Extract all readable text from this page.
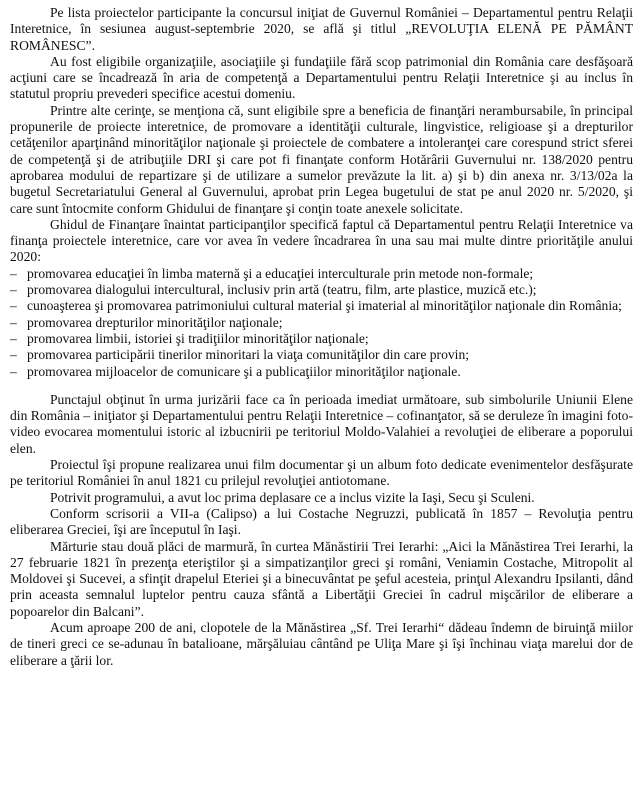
Pe lista proiectelor participante la concursul iniţiat de Guvernul României – Departamentul pentru Relaţii Interetnice, în sesiunea august-septembrie 2020, se află şi titlul „REVOLUŢIA ELENĂ PE PĂMÂNT ROMÂNESC”.

Au fost eligibile organizaţiile, asociaţiile şi fundaţiile fără scop patrimonial din România care desfăşoară acţiuni care se încadrează în aria de competenţă a Departamentului pentru Relaţii Interetnice şi au inclus în statutul propriu prevederi specifice acestui domeniu.

Printre alte cerinţe, se menţiona că, sunt eligibile spre a beneficia de finanţări nerambursabile, în principal propunerile de proiecte interetnice, de promovare a identităţii culturale, lingvistice, religioase şi a drepturilor cetăţenilor aparţinând minorităţilor naţionale şi proiectele de combatere a intoleranţei care corespund strict sferei de competenţă şi de atribuţiile DRI şi care pot fi finanţate conform Hotărârii Guvernului nr. 138/2020 pentru aprobarea modului de repartizare şi de utilizare a sumelor prevăzute la lit. a) şi b) din anexa nr. 3/13/02a la bugetul Secretariatului General al Guvernului, aprobat prin Legea bugetului de stat pe anul 2020 nr. 5/2020, şi care sunt întocmite conform Ghidului de finanţare şi conţin toate anexele solicitate.

Ghidul de Finanţare înaintat participanţilor specifică faptul că Departamentul pentru Relaţii Interetnice va finanţa proiectele interetnice, care vor avea în vedere încadrarea în una sau mai multe dintre priorităţile anului 2020:

– promovarea educaţiei în limba maternă şi a educaţiei interculturale prin metode non-formale;
– promovarea dialogului intercultural, inclusiv prin artă (teatru, film, arte plastice, muzică etc.);
– cunoaşterea şi promovarea patrimoniului cultural material şi imaterial al minorităţilor naţionale din România;
– promovarea drepturilor minorităţilor naţionale;
– promovarea limbii, istoriei şi tradiţiilor minorităţilor naţionale;
– promovarea participării tinerilor minoritari la viaţa comunităţilor din care provin;
– promovarea mijloacelor de comunicare şi a publicaţiilor minorităţilor naţionale.

Punctajul obţinut în urma jurizării face ca în perioada imediat următoare, sub simbolurile Uniunii Elene din România – iniţiator şi Departamentului pentru Relaţii Interetnice – cofinanţator, să se deruleze în imagini foto-video evocarea momentului istoric al izbucnirii pe teritoriul Moldo-Valahiei a revoluţiei de eliberare a poporului elen.

Proiectul îşi propune realizarea unui film documentar şi un album foto dedicate evenimentelor desfăşurate pe teritoriul României în anul 1821 cu prilejul revoluţiei antiotomane.

Potrivit programului, a avut loc prima deplasare ce a inclus vizite la Iaşi, Secu şi Sculeni.

Conform scrisorii a VII-a (Calipso) a lui Costache Negruzzi, publicată în 1857 – Revoluţia pentru eliberarea Greciei, îşi are începutul în Iaşi.

Mărturie stau două plăci de marmură, în curtea Mănăstirii Trei Ierarhi: „Aici la Mănăstirea Trei Ierarhi, la 27 februarie 1821 în prezenţa eteriştilor şi a simpatizanţilor greci şi români, Veniamin Costache, Mitropolit al Moldovei şi Sucevei, a sfinţit drapelul Eteriei şi a binecuvântat pe şeful acesteia, prinţul Alexandru Ipsilanti, dând prin aceasta semnalul luptelor pentru cauza sfântă a Libertăţii Greciei în cadrul mişcărilor de eliberare a popoarelor din Balcani”.

Acum aproape 200 de ani, clopotele de la Mănăstirea „Sf. Trei Ierarhi“ dădeau îndemn de biruinţă miilor de tineri greci ce se-adunau în batalioane, mărşăluiau cântând pe Uliţa Mare şi îşi închinau viaţa marelui dor de eliberare a ţării lor.
